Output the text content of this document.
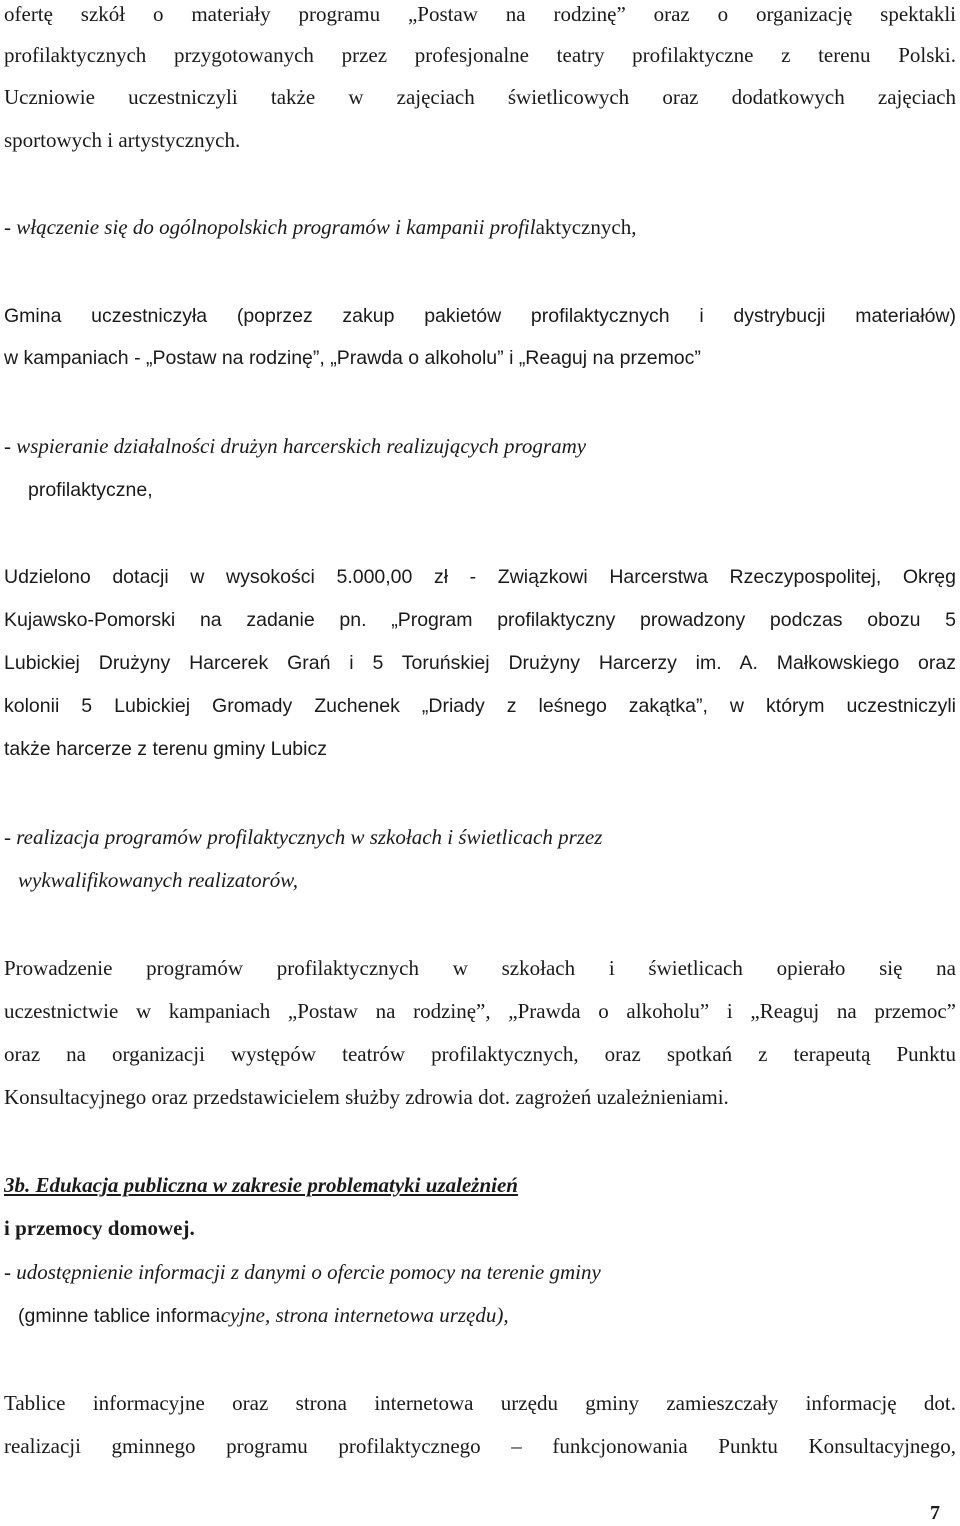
ofertę szkół o materiały programu „Postaw na rodzinę” oraz o organizację spektakli
profilaktycznych przygotowanych przez profesjonalne teatry profilaktyczne z terenu Polski.
Uczniowie uczestniczyli także w zajęciach świetlicowych oraz dodatkowych zajęciach
sportowych i artystycznych.
- włączenie się do ogólnopolskich programów i kampanii profilaktycznych,
Gmina uczestniczyła (poprzez zakup pakietów profilaktycznych i dystrybucji materiałów)
w kampaniach - „Postaw na rodzinę”, „Prawda o alkoholu” i „Reaguj na przemoc”
- wspieranie działalności drużyn harcerskich realizujących programy
profilaktyczne,
Udzielono dotacji w wysokości 5.000,00 zł - Związkowi Harcerstwa Rzeczypospolitej, Okręg
Kujawsko-Pomorski na zadanie pn. „Program profilaktyczny prowadzony podczas obozu 5
Lubickiej Drużyny Harcerek Grań i 5 Toruńskiej Drużyny Harcerzy im. A. Małkowskiego oraz
kolonii 5 Lubickiej Gromady Zuchenek „Driady z leśnego zakątka”, w którym uczestniczyli
także harcerze z terenu gminy Lubicz
- realizacja programów profilaktycznych w szkołach i świetlicach przez
wykwalifikowanych realizatorów,
Prowadzenie programów profilaktycznych w szkołach i świetlicach opierało się na
uczestnictwie w kampaniach „Postaw na rodzinę”, „Prawda o alkoholu” i „Reaguj na przemoc”
oraz na organizacji występów teatrów profilaktycznych, oraz spotkań z terapeutą Punktu
Konsultacyjnego oraz przedstawicielem służby zdrowia dot. zagrożeń uzależnieniami.
3b. Edukacja publiczna w zakresie problematyki uzależnień
i przemocy domowej.
- udostępnienie informacji z danymi o ofercie pomocy na terenie gminy
(gminne tablice informacyjne, strona internetowa urzędu),
Tablice informacyjne oraz strona internetowa urzędu gminy zamieszczały informację dot.
realizacji gminnego programu profilaktycznego – funkcjonowania Punktu Konsultacyjnego,
7
